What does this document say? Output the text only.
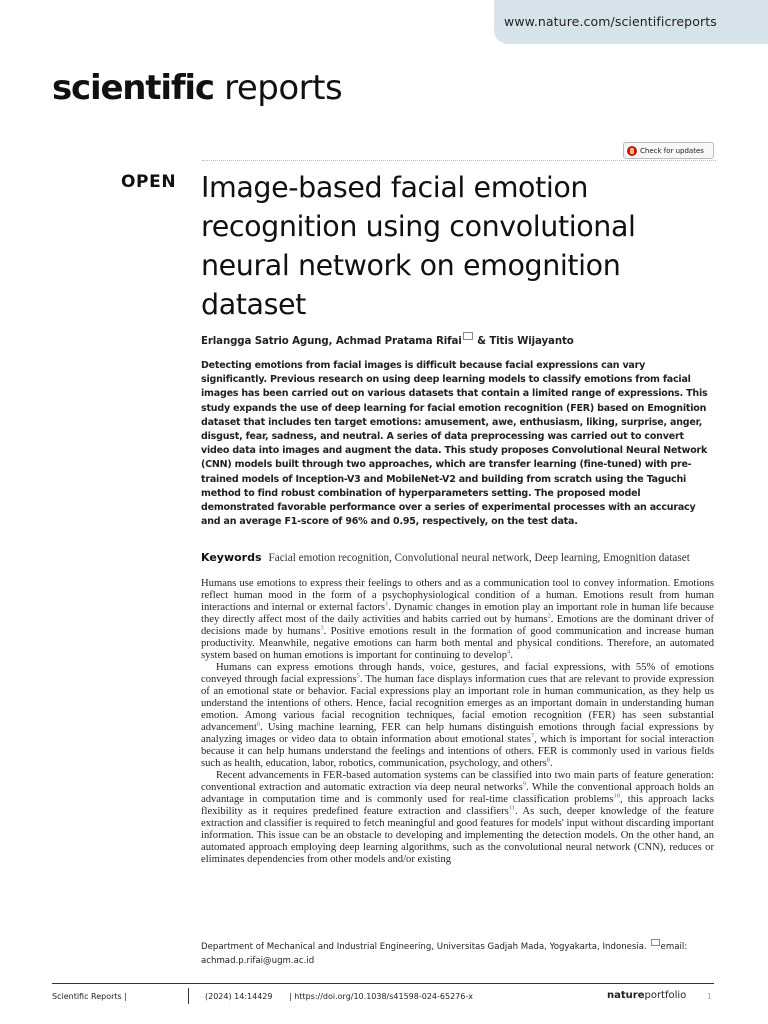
www.nature.com/scientificreports
scientific reports
Check for updates
OPEN Image-based facial emotion recognition using convolutional neural network on emognition dataset
Erlangga Satrio Agung, Achmad Pratama Rifai & Titis Wijayanto

Detecting emotions from facial images is difficult because facial expressions can vary significantly. Previous research on using deep learning models to classify emotions from facial images has been carried out on various datasets that contain a limited range of expressions. This study expands the use of deep learning for facial emotion recognition (FER) based on Emognition dataset that includes ten target emotions: amusement, awe, enthusiasm, liking, surprise, anger, disgust, fear, sadness, and neutral. A series of data preprocessing was carried out to convert video data into images and augment the data. This study proposes Convolutional Neural Network (CNN) models built through two approaches, which are transfer learning (fine-tuned) with pre-trained models of Inception-V3 and MobileNet-V2 and building from scratch using the Taguchi method to find robust combination of hyperparameters setting. The proposed model demonstrated favorable performance over a series of experimental processes with an accuracy and an average F1-score of 96% and 0.95, respectively, on the test data.

Keywords Facial emotion recognition, Convolutional neural network, Deep learning, Emognition dataset

Humans use emotions to express their feelings to others and as a communication tool to convey information. Emotions reflect human mood in the form of a psychophysiological condition of a human. Emotions result from human interactions and internal or external factors$^1$. Dynamic changes in emotion play an important role in human life because they directly affect most of the daily activities and habits carried out by humans$^2$. Emotions are the dominant driver of decisions made by humans$^3$. Positive emotions result in the formation of good communication and increase human productivity. Meanwhile, negative emotions can harm both mental and physical conditions. Therefore, an automated system based on human emotions is important for continuing to develop$^4$.

Humans can express emotions through hands, voice, gestures, and facial expressions, with 55% of emotions conveyed through facial expressions$^5$. The human face displays information cues that are relevant to provide expression of an emotional state or behavior. Facial expressions play an important role in human communication, as they help us understand the intentions of others. Hence, facial recognition emerges as an important domain in understanding human emotion. Among various facial recognition techniques, facial emotion recognition (FER) has seen substantial advancement$^6$. Using machine learning, FER can help humans distinguish emotions through facial expressions by analyzing images or video data to obtain information about emotional states$^7$, which is important for social interaction because it can help humans understand the feelings and intentions of others. FER is commonly used in various fields such as health, education, labor, robotics, communication, psychology, and others$^8$.

Recent advancements in FER-based automation systems can be classified into two main parts of feature generation: conventional extraction and automatic extraction via deep neural networks$^9$. While the conventional approach holds an advantage in computation time and is commonly used for real-time classification problems$^{10}$, this approach lacks flexibility as it requires predefined feature extraction and classifiers$^{11}$. As such, deeper knowledge of the feature extraction and classifier is required to fetch meaningful and good features for models' input without discarding important information. This issue can be an obstacle to developing and implementing the detection models. On the other hand, an automated approach employing deep learning algorithms, such as the convolutional neural network (CNN), reduces or eliminates dependencies from other models and/or existing

Department of Mechanical and Industrial Engineering, Universitas Gadjah Mada, Yogyakarta, Indonesia. email: achmad.p.rifai@ugm.ac.id
Scientific Reports |	(2024) 14:14429 | https://doi.org/10.1038/s41598-024-65276-x	natureportfolio	1
